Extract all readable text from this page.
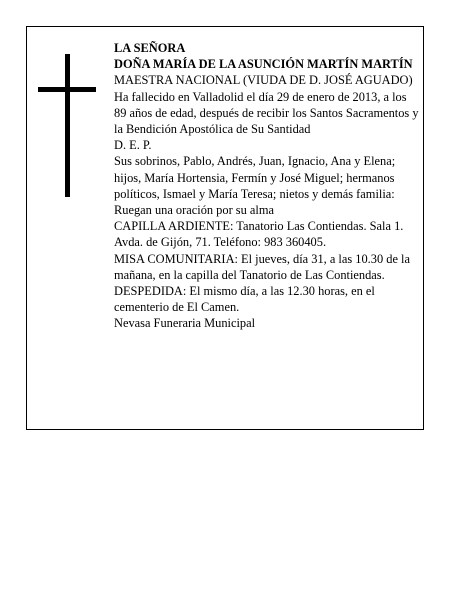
LA SEÑORA

DOÑA MARÍA DE LA ASUNCIÓN MARTÍN MARTÍN

MAESTRA NACIONAL (VIUDA DE D. JOSÉ AGUADO)

Ha fallecido en Valladolid el día 29 de enero de 2013, a los 89 años de edad, después de recibir los Santos Sacramentos y la Bendición Apostólica de Su Santidad

D. E. P.

Sus sobrinos, Pablo, Andrés, Juan, Ignacio, Ana y Elena; hijos, María Hortensia, Fermín y José Miguel; hermanos políticos, Ismael y María Teresa; nietos y demás familia:

Ruegan una oración por su alma

CAPILLA ARDIENTE: Tanatorio Las Contiendas. Sala 1. Avda. de Gijón, 71. Teléfono: 983 360405.

MISA COMUNITARIA: El jueves, día 31, a las 10.30 de la mañana, en la capilla del Tanatorio de Las Contiendas.

DESPEDIDA: El mismo día, a las 12.30 horas, en el cementerio de El Camen.

Nevasa Funeraria Municipal
